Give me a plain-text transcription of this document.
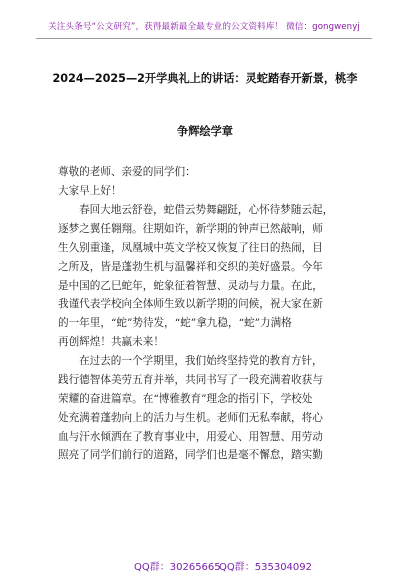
关注头条号“公文研究”，获得最新最全最专业的公文资料库！ 微信：gongwenyj
2024—2025—2开学典礼上的讲话：灵蛇踏春开新景，桃李
争辉绘学章
尊敬的老师、亲爱的同学们：
大家早上好！
春回大地云舒卷，蛇借云势舞翩跹，心怀待梦随云起，
逐梦之翼任翱翔。往期如许，新学期的钟声已然敲响，师
生久别重逢，凤凰城中英文学校又恢复了往日的热闹，目
之所及，皆是蓬勃生机与温馨祥和交织的美好盛景。今年
是中国的乙巳蛇年，蛇象征着智慧、灵动与力量。在此，
我谨代表学校向全体师生致以新学期的问候，祝大家在新
的一年里，“蛇”势待发，“蛇”拿九稳，“蛇”力满格
再创辉煌！共赢未来！
在过去的一个学期里，我们始终坚持党的教育方针，
践行德智体美劳五育并举，共同书写了一段充满着收获与
荣耀的奋进篇章。在“博雅教育”理念的指引下，学校处
处充满着蓬勃向上的活力与生机。老师们无私奉献，将心
血与汗水倾洒在了教育事业中，用爱心、用智慧、用劳动
照亮了同学们前行的道路，同学们也是毫不懈怠，踏实勤
QQ群：30265665
QQ群：535304092
